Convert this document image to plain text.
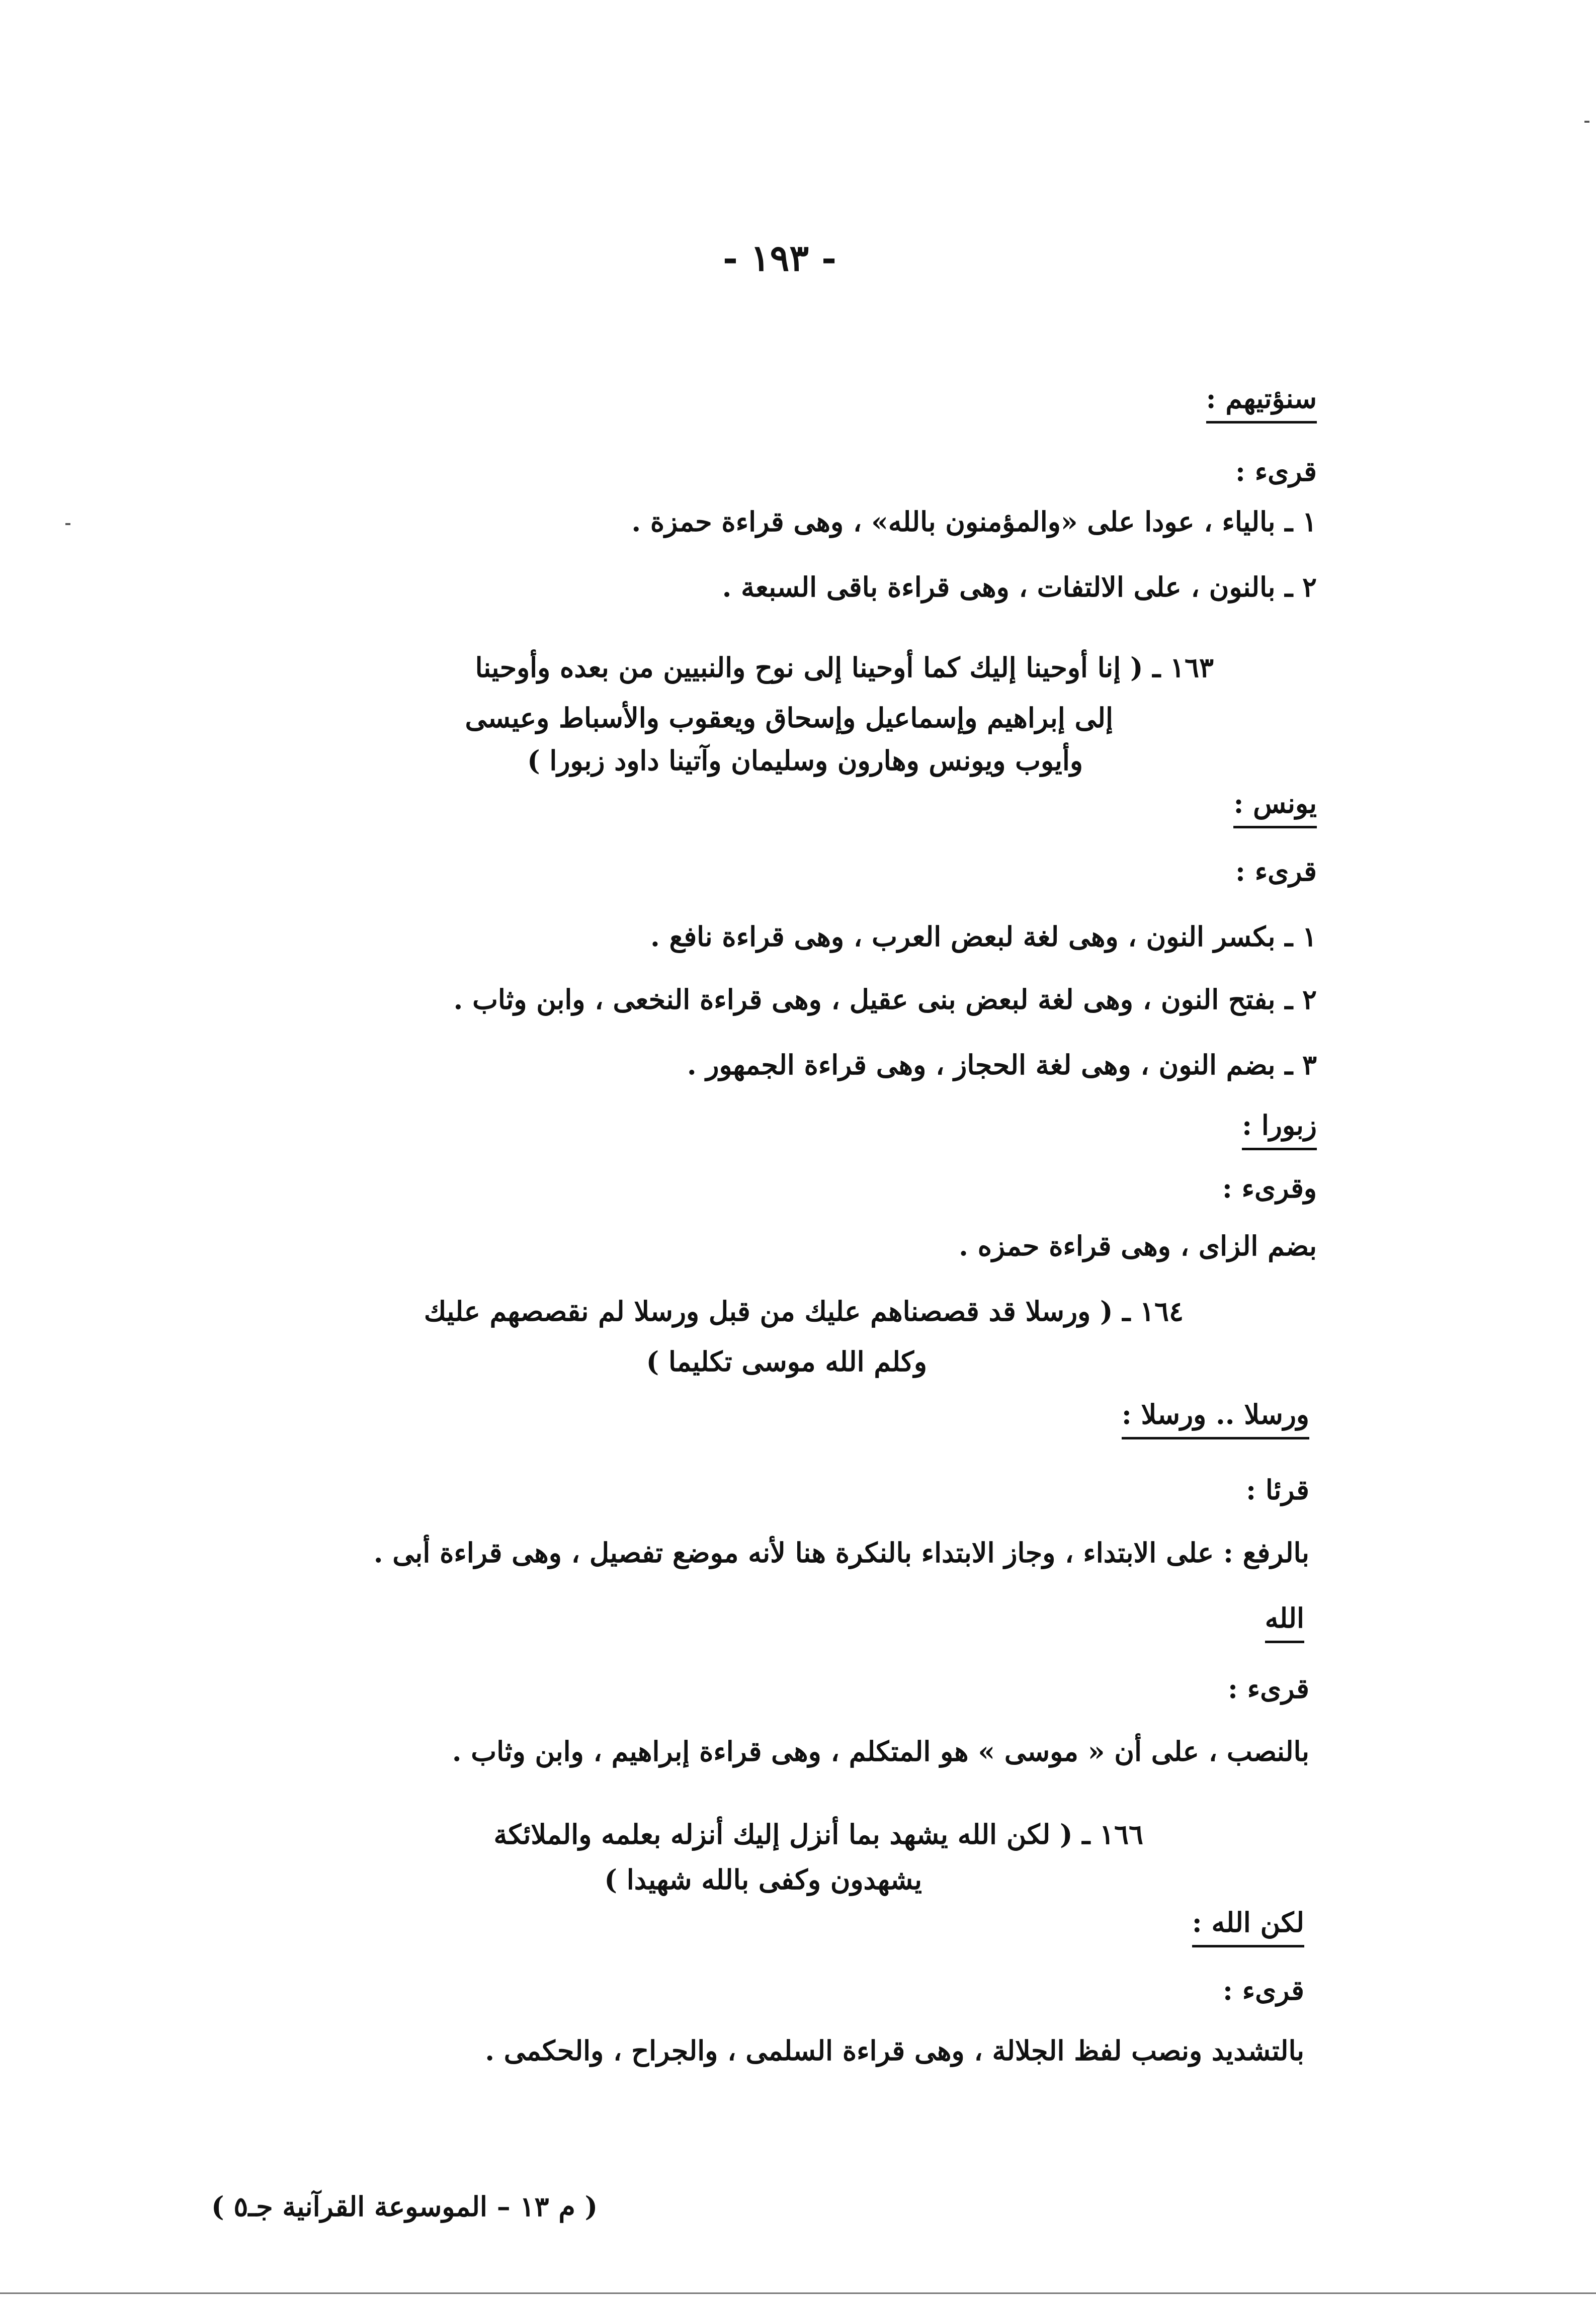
- ١٩٣ -
سنؤتيهم :
قرىء :
١ ـ بالياء ، عودا على «والمؤمنون بالله» ، وهى قراءة حمزة .
٢ ـ بالنون ، على الالتفات ، وهى قراءة باقى السبعة .
١٦٣ ـ ( إنا أوحينا إليك كما أوحينا إلى نوح والنبيين من بعده وأوحينا
إلى إبراهيم وإسماعيل وإسحاق ويعقوب والأسباط وعيسى
وأيوب ويونس وهارون وسليمان وآتينا داود زبورا )
يونس :
قرىء :
١ ـ بكسر النون ، وهى لغة لبعض العرب ، وهى قراءة نافع .
٢ ـ بفتح النون ، وهى لغة لبعض بنى عقيل ، وهى قراءة النخعى ، وابن وثاب .
٣ ـ بضم النون ، وهى لغة الحجاز ، وهى قراءة الجمهور .
زبورا :
وقرىء :
بضم الزاى ، وهى قراءة حمزه .
١٦٤ ـ ( ورسلا قد قصصناهم عليك من قبل ورسلا لم نقصصهم عليك
وكلم الله موسى تكليما )
ورسلا .. ورسلا :
قرئا :
بالرفع : على الابتداء ، وجاز الابتداء بالنكرة هنا لأنه موضع تفصيل ، وهى قراءة أبى .
الله
قرىء :
بالنصب ، على أن « موسى » هو المتكلم ، وهى قراءة إبراهيم ، وابن وثاب .
١٦٦ ـ ( لكن الله يشهد بما أنزل إليك أنزله بعلمه والملائكة
يشهدون وكفى بالله شهيدا )
لكن الله :
قرىء :
بالتشديد ونصب لفظ الجلالة ، وهى قراءة السلمى ، والجراح ، والحكمى .
( م ١٣ – الموسوعة القرآنية جـ٥ )
